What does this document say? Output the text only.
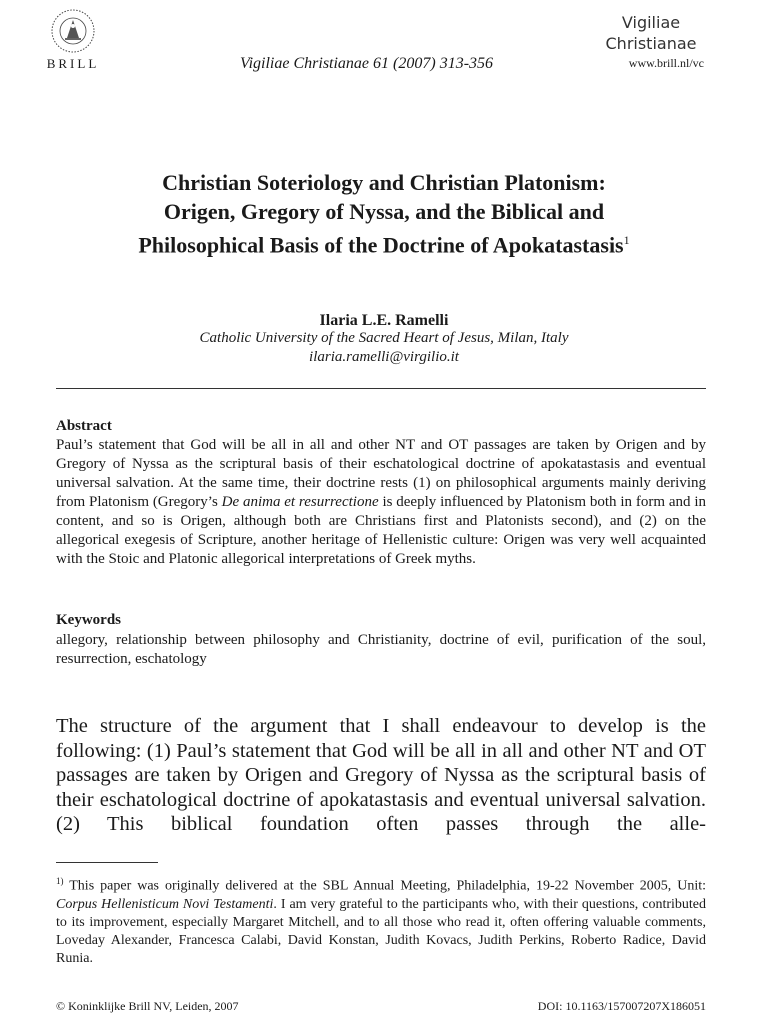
BRILL	Vigiliae Christianae 61 (2007) 313-356
Vigiliae
Christianae
www.brill.nl/vc
Christian Soteriology and Christian Platonism:
Origen, Gregory of Nyssa, and the Biblical and
Philosophical Basis of the Doctrine of Apokatastasis$^1$
Ilaria L.E. Ramelli
Catholic University of the Sacred Heart of Jesus, Milan, Italy
ilaria.ramelli@virgilio.it
Abstract
Paul’s statement that God will be all in all and other NT and OT passages are taken by Origen and by Gregory of Nyssa as the scriptural basis of their eschatological doctrine of apokatastasis and eventual universal salvation. At the same time, their doctrine rests (1) on philosophical arguments mainly deriving from Platonism (Gregory’s De anima et resurrectione is deeply influenced by Platonism both in form and in content, and so is Origen, although both are Christians first and Platonists second), and (2) on the allegorical exegesis of Scripture, another heritage of Hellenistic culture: Origen was very well acquainted with the Stoic and Platonic allegorical interpretations of Greek myths.
Keywords
allegory, relationship between philosophy and Christianity, doctrine of evil, purification of the soul, resurrection, eschatology
The structure of the argument that I shall endeavour to develop is the following: (1) Paul’s statement that God will be all in all and other NT and OT passages are taken by Origen and Gregory of Nyssa as the scriptural basis of their eschatological doctrine of apokatastasis and eventual universal salvation. (2) This biblical foundation often passes through the alle-
$^{1)}$ This paper was originally delivered at the SBL Annual Meeting, Philadelphia, 19-22 November 2005, Unit: Corpus Hellenisticum Novi Testamenti. I am very grateful to the participants who, with their questions, contributed to its improvement, especially Margaret Mitchell, and to all those who read it, often offering valuable comments, Loveday Alexander, Francesca Calabi, David Konstan, Judith Kovacs, Judith Perkins, Roberto Radice, David Runia.
© Koninklijke Brill NV, Leiden, 2007	DOI: 10.1163/157007207X186051
